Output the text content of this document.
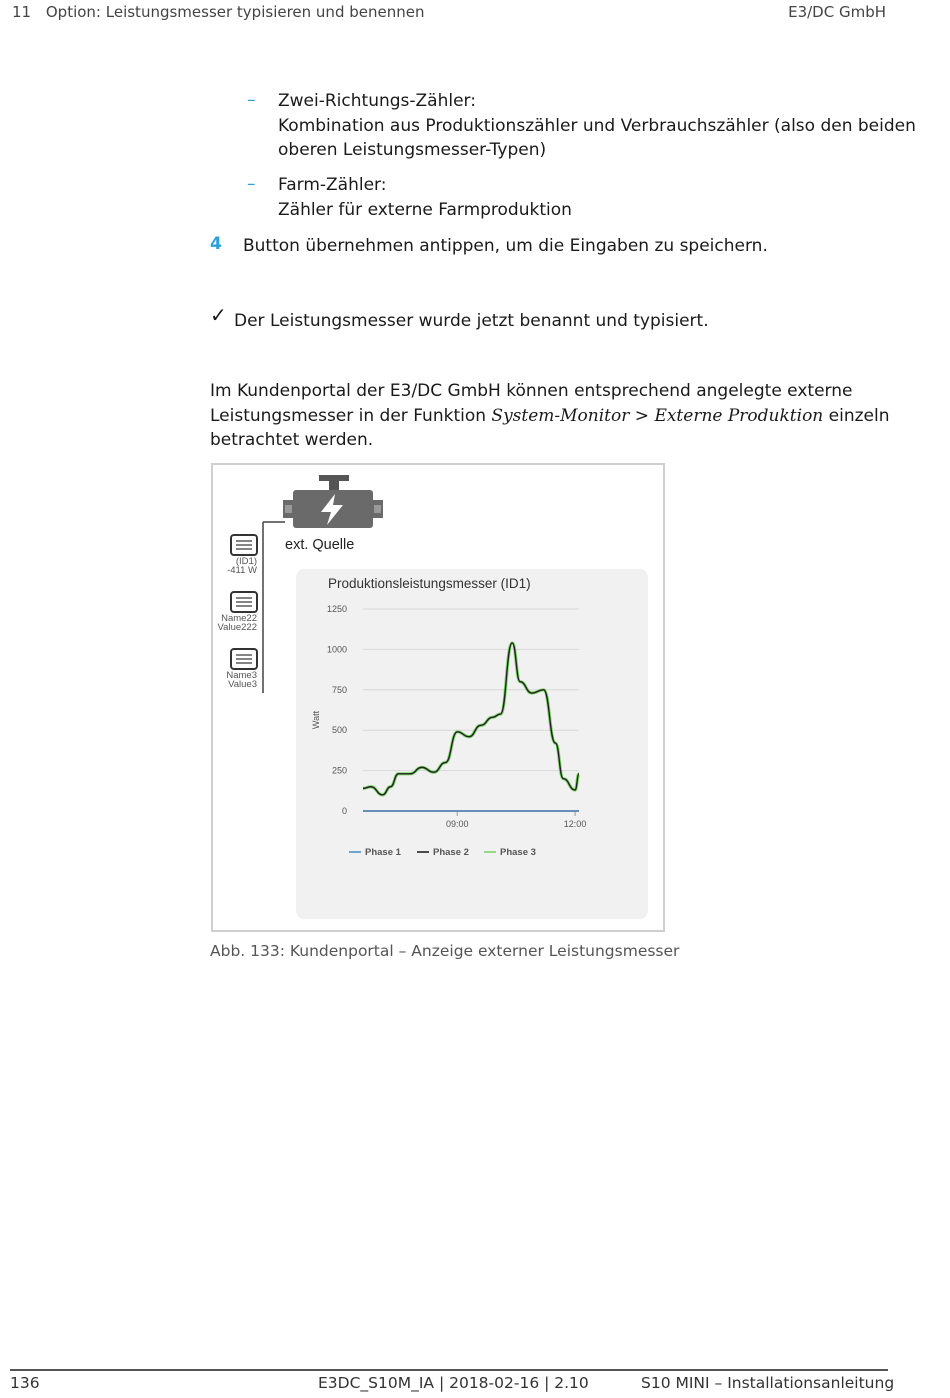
11 Option: Leistungsmesser typisieren und benennen	E3/DC GmbH
– Zwei-Richtungs-Zähler:
Kombination aus Produktionszähler und Verbrauchszähler (also den beiden
oberen Leistungsmesser-Typen)
– Farm-Zähler:
Zähler für externe Farmproduktion
4 Button übernehmen antippen, um die Eingaben zu speichern.
✓ Der Leistungsmesser wurde jetzt benannt und typisiert.
Im Kundenportal der E3/DC GmbH können entsprechend angelegte externe
Leistungsmesser in der Funktion System-Monitor > Externe Produktion einzeln
betrachtet werden.
ext. Quelle
(ID1)
-411 W
Name22
Value222
Name3
Value3
Produktionsleistungsmesser (ID1)
Watt
0
250
500
750
1000
1250
09:00	12:00
Phase 1	Phase 2	Phase 3
Abb. 133: Kundenportal – Anzeige externer Leistungsmesser
136	E3DC_S10M_IA | 2018-02-16 | 2.10	S10 MINI – Installationsanleitung
